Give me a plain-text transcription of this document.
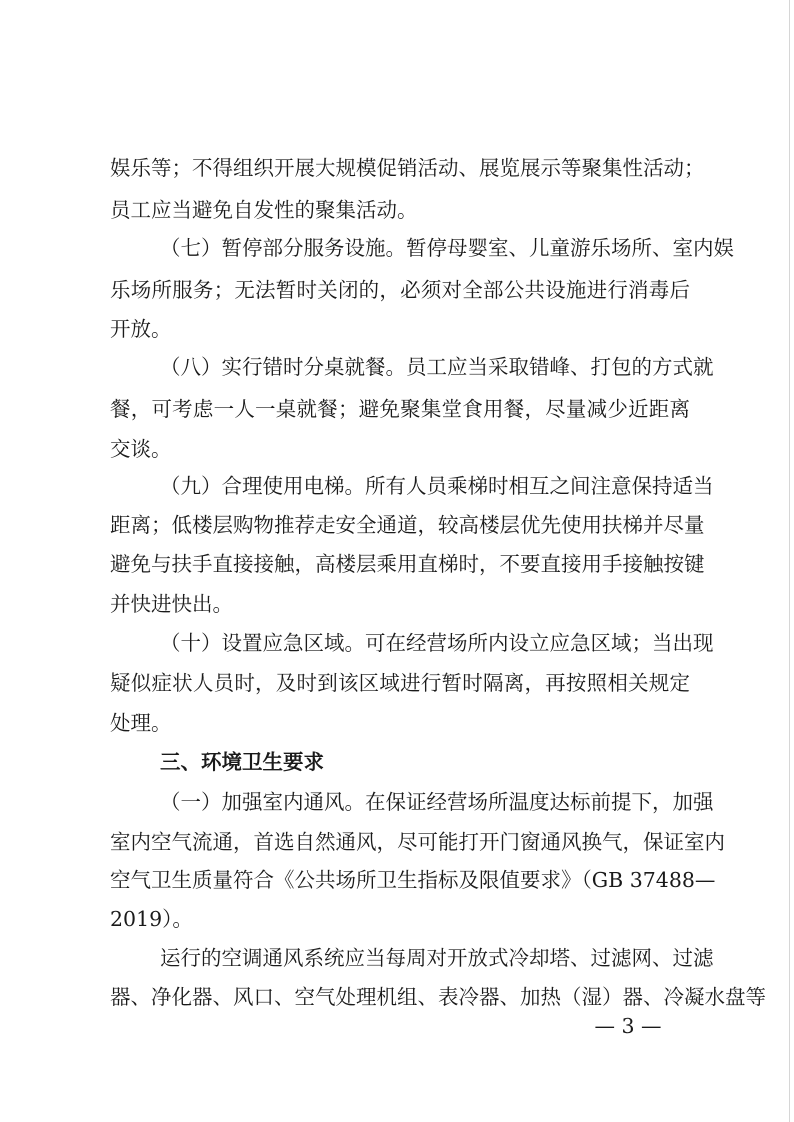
娱乐等；不得组织开展大规模促销活动、展览展示等聚集性活动；
员工应当避免自发性的聚集活动。
（七）暂停部分服务设施。暂停母婴室、儿童游乐场所、室内娱
乐场所服务；无法暂时关闭的，必须对全部公共设施进行消毒后
开放。
（八）实行错时分桌就餐。员工应当采取错峰、打包的方式就
餐，可考虑一人一桌就餐；避免聚集堂食用餐，尽量减少近距离
交谈。
（九）合理使用电梯。所有人员乘梯时相互之间注意保持适当
距离；低楼层购物推荐走安全通道，较高楼层优先使用扶梯并尽量
避免与扶手直接接触，高楼层乘用直梯时，不要直接用手接触按键
并快进快出。
（十）设置应急区域。可在经营场所内设立应急区域；当出现
疑似症状人员时，及时到该区域进行暂时隔离，再按照相关规定
处理。
三、环境卫生要求
（一）加强室内通风。在保证经营场所温度达标前提下，加强
室内空气流通，首选自然通风，尽可能打开门窗通风换气，保证室内
空气卫生质量符合《公共场所卫生指标及限值要求》（GB 37488—
2019）。
运行的空调通风系统应当每周对开放式冷却塔、过滤网、过滤
器、净化器、风口、空气处理机组、表冷器、加热（湿）器、冷凝水盘等
— 3 —
